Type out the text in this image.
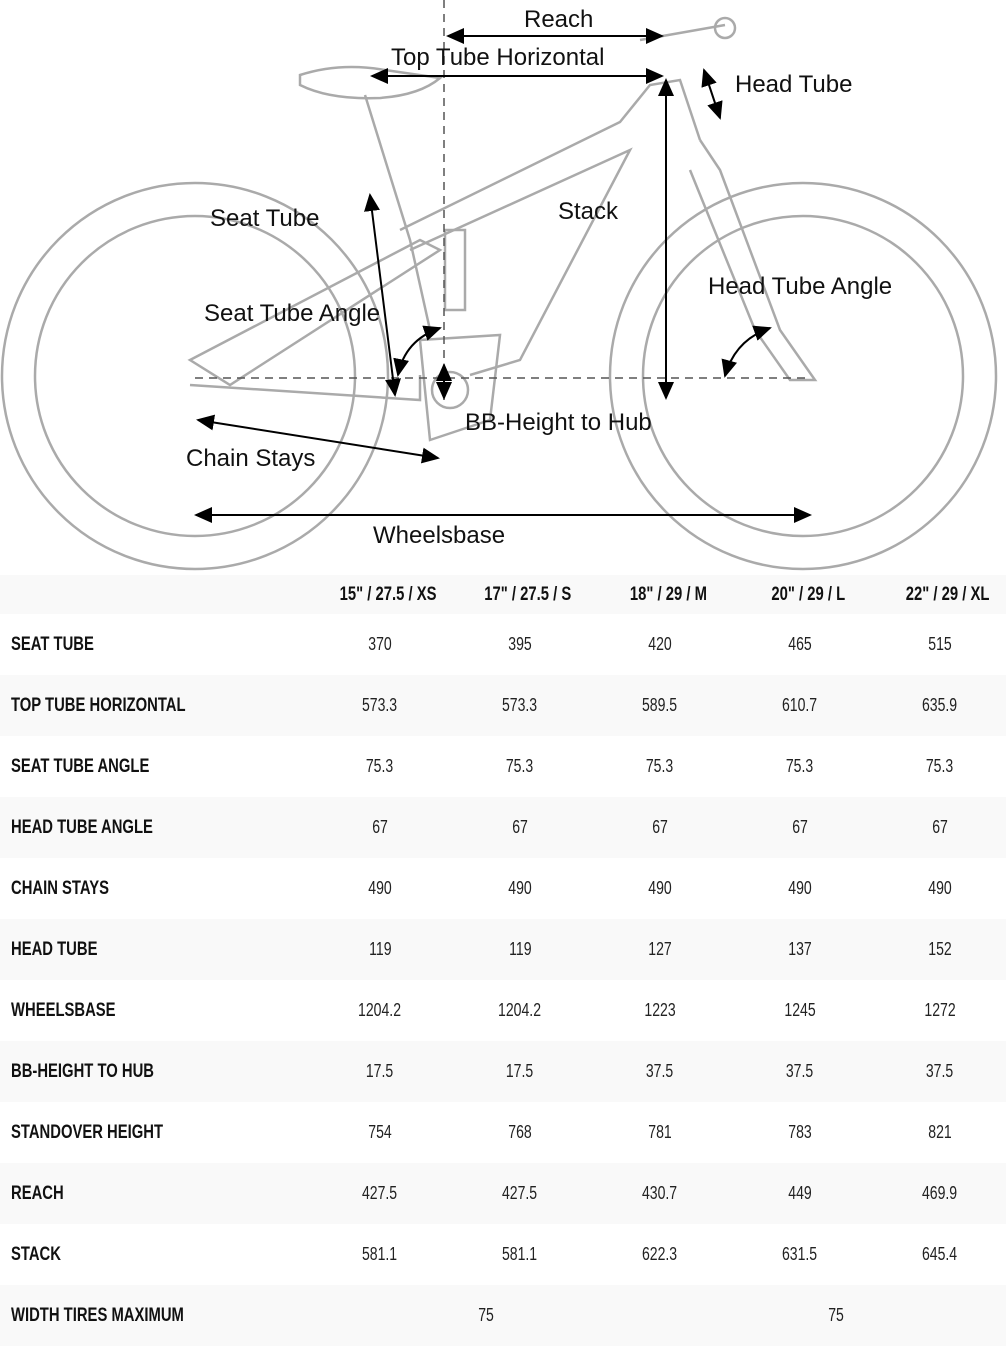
Reach
Top Tube Horizontal
Head Tube
Seat Tube	Stack
Head Tube Angle
Seat Tube Angle
BB-Height to Hub
Chain Stays
Wheelsbase
15" / 27.5 / XS	17" / 27.5 / S	18" / 29 / M	20" / 29 / L	22" / 29 / XL
SEAT TUBE	370	395	420	465	515
TOP TUBE HORIZONTAL	573.3	573.3	589.5	610.7	635.9
SEAT TUBE ANGLE	75.3	75.3	75.3	75.3	75.3
HEAD TUBE ANGLE	67	67	67	67	67
CHAIN STAYS	490	490	490	490	490
HEAD TUBE	119	119	127	137	152
WHEELSBASE	1204.2	1204.2	1223	1245	1272
BB-HEIGHT TO HUB	17.5	17.5	37.5	37.5	37.5
STANDOVER HEIGHT	754	768	781	783	821
REACH	427.5	427.5	430.7	449	469.9
STACK	581.1	581.1	622.3	631.5	645.4
WIDTH TIRES MAXIMUM	75	75
